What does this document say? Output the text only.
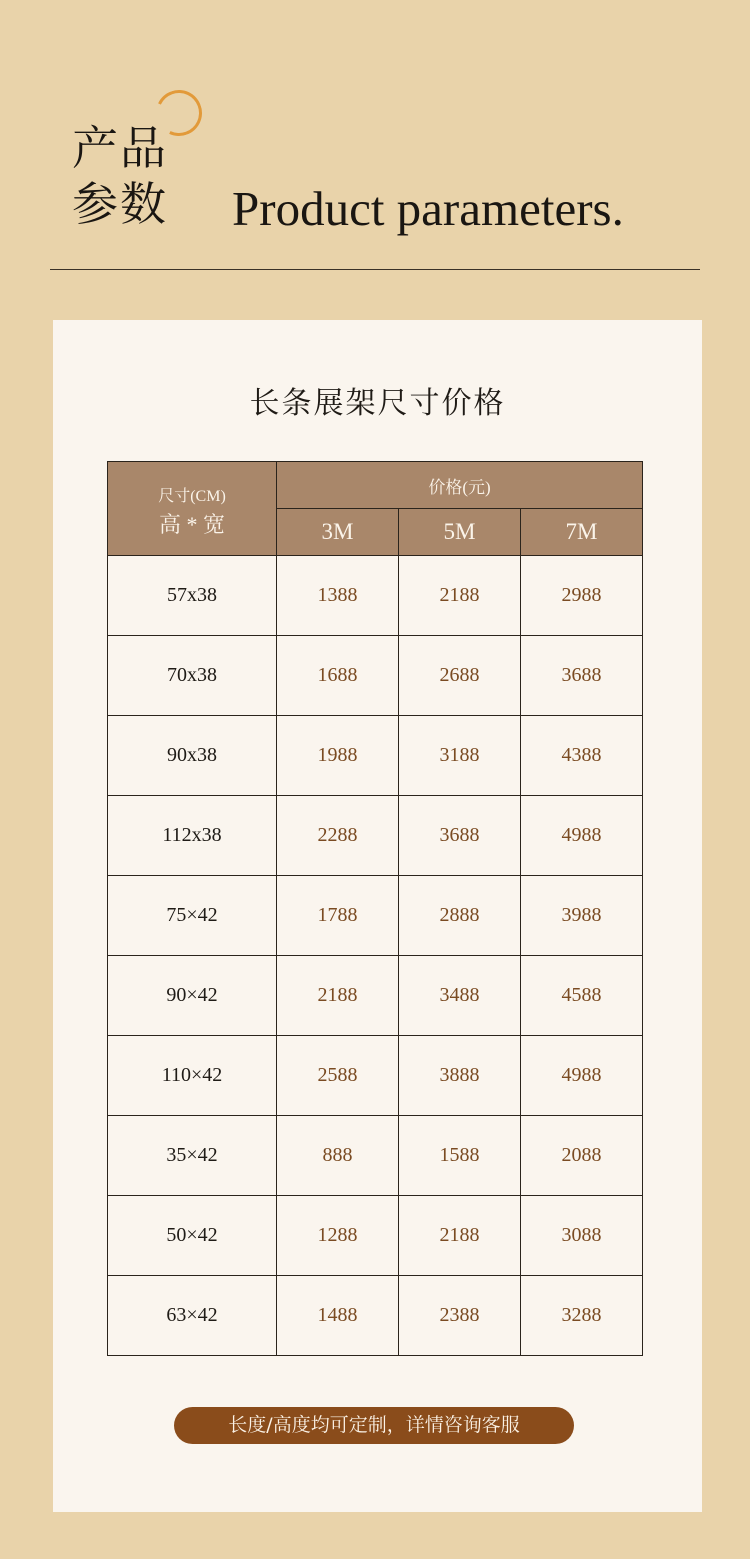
产品
参数 Product parameters.
长条展架尺寸价格
尺寸(CM)
高 * 宽	价格(元)		
	3M	5M	7M
57x38	1388	2188	2988
70x38	1688	2688	3688
90x38	1988	3188	4388
112x38	2288	3688	4988
75×42	1788	2888	3988
90×42	2188	3488	4588
110×42	2588	3888	4988
35×42	888	1588	2088
50×42	1288	2188	3088
63×42	1488	2388	3288
长度/高度均可定制，详情咨询客服
